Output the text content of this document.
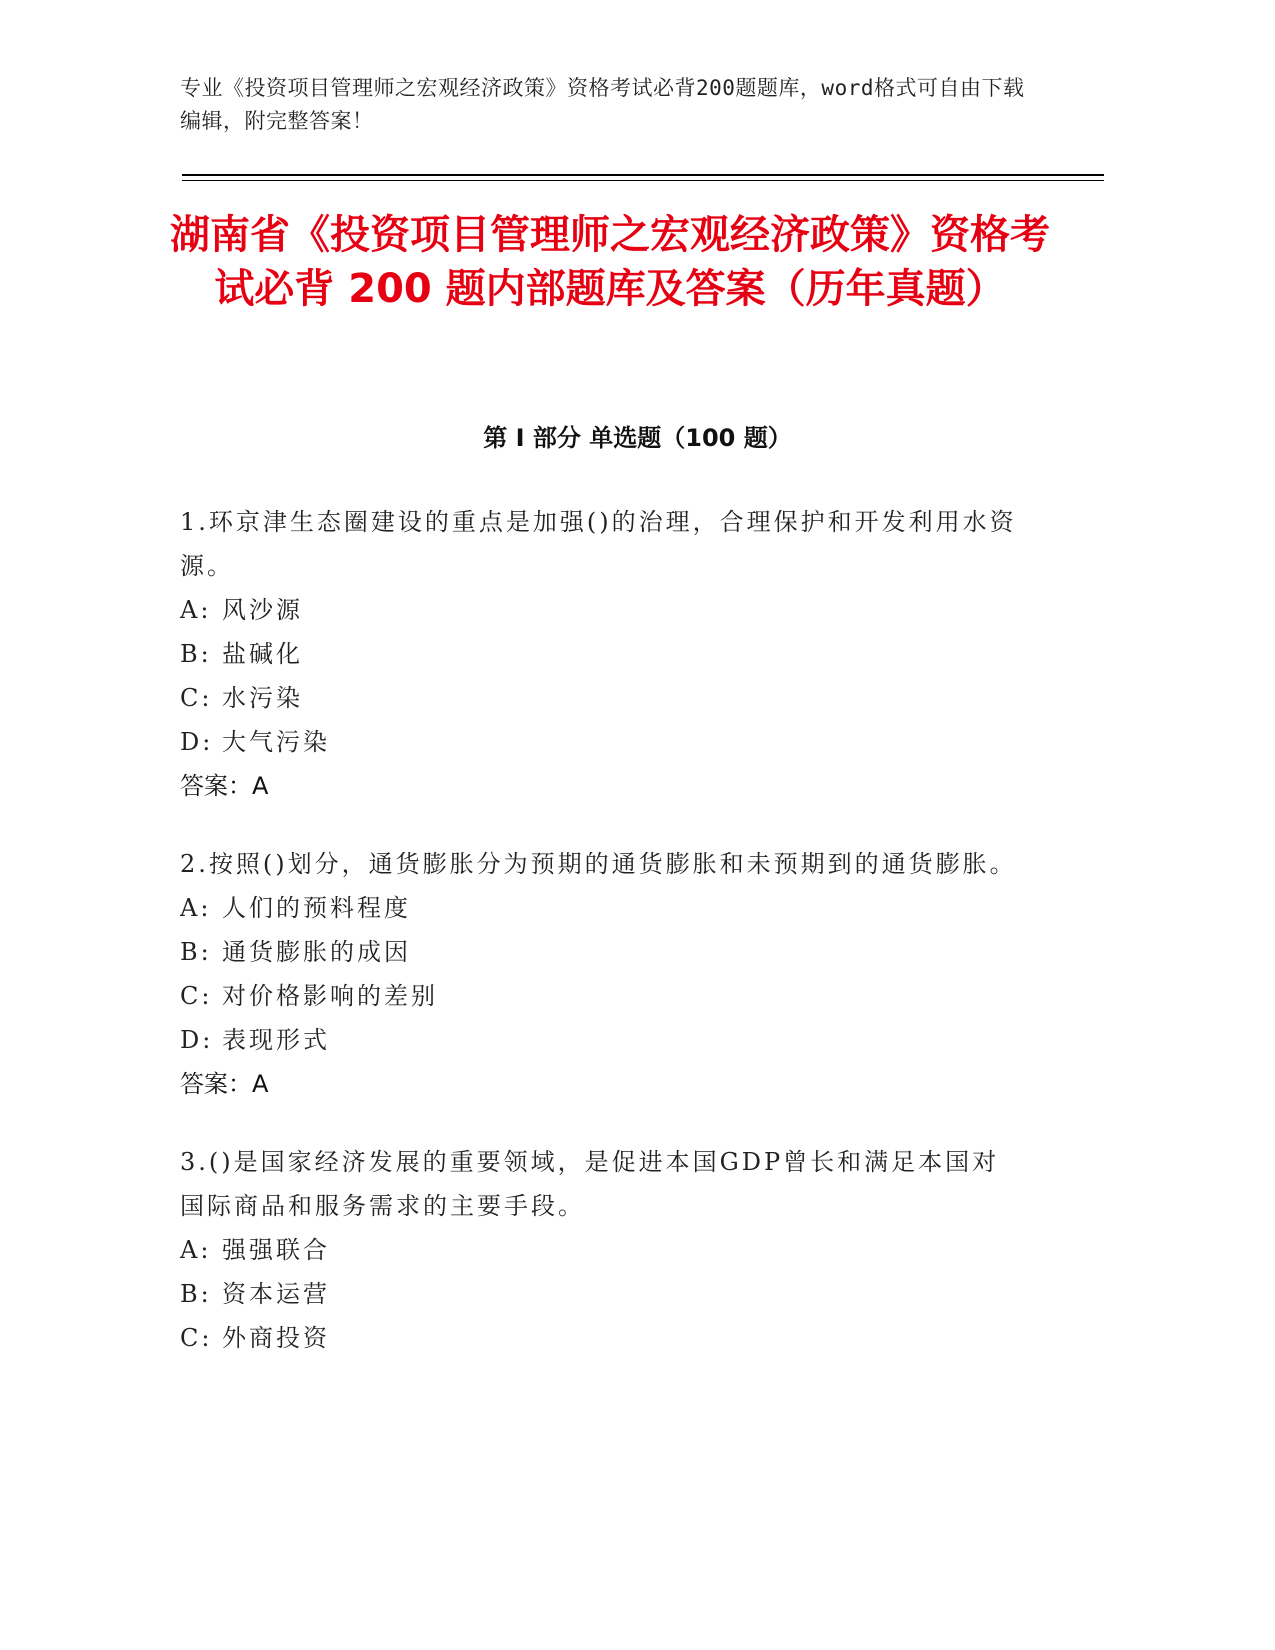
专业《投资项目管理师之宏观经济政策》资格考试必背200题题库，word格式可自由下载编辑，附完整答案！
湖南省《投资项目管理师之宏观经济政策》资格考试必背 200 题内部题库及答案（历年真题）
第 I 部分 单选题（100 题）
1.环京津生态圈建设的重点是加强()的治理，合理保护和开发利用水资源。
A: 风沙源
B: 盐碱化
C: 水污染
D: 大气污染
答案：A
2.按照()划分，通货膨胀分为预期的通货膨胀和未预期到的通货膨胀。
A: 人们的预料程度
B: 通货膨胀的成因
C: 对价格影响的差别
D: 表现形式
答案：A
3.()是国家经济发展的重要领域，是促进本国GDP曾长和满足本国对国际商品和服务需求的主要手段。
A: 强强联合
B: 资本运营
C: 外商投资
